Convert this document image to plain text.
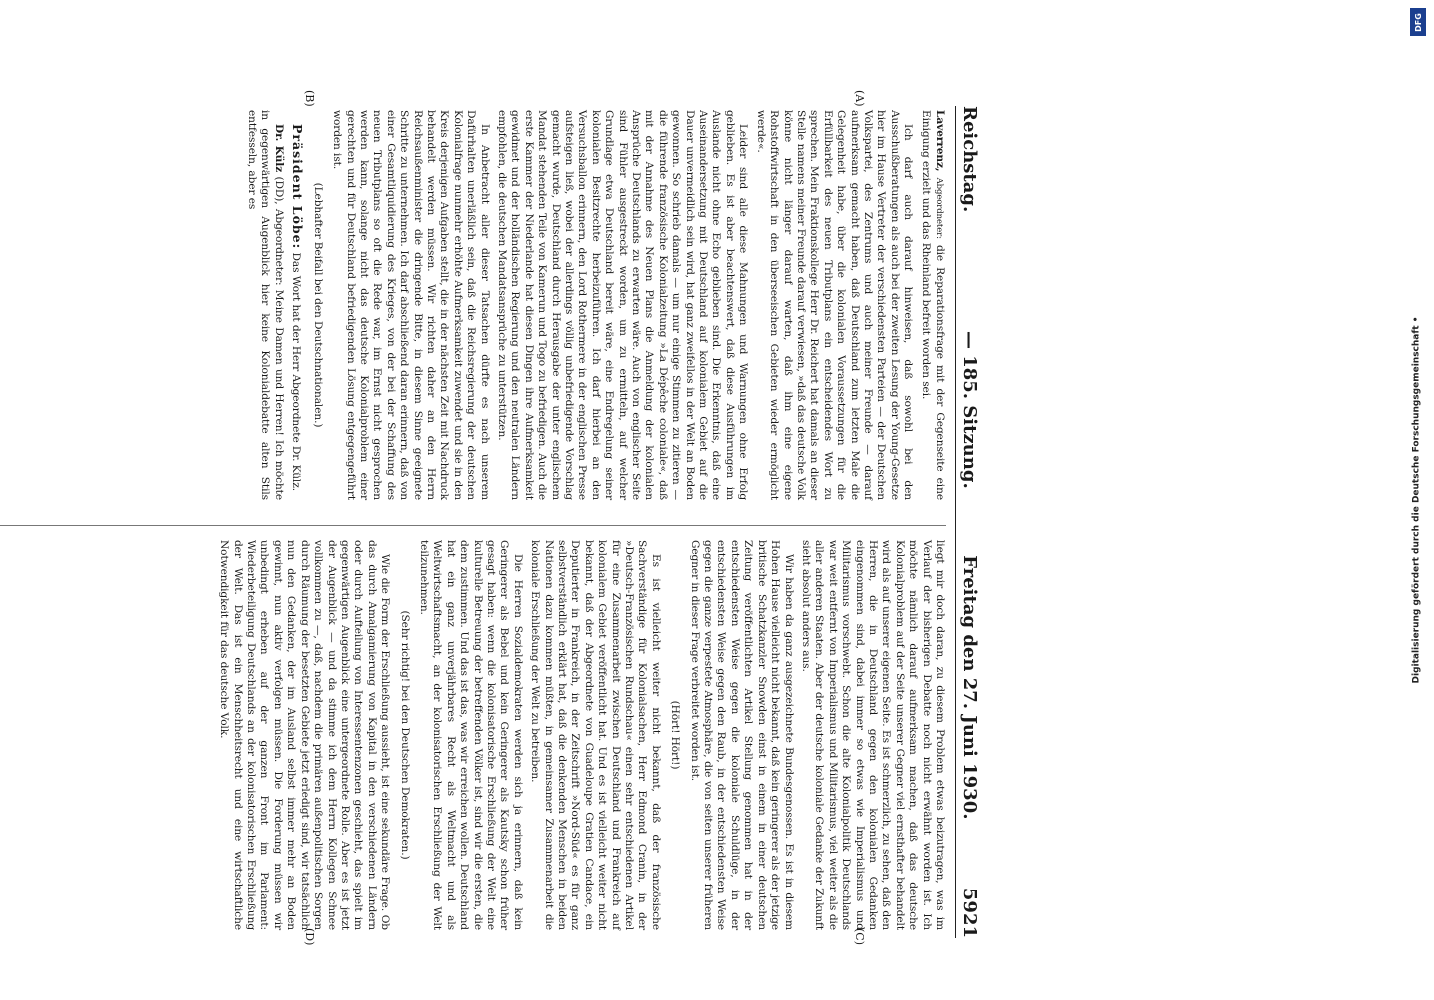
Reichstag.
— 185. Sitzung.
Freitag den 27. Juni 1930.
5921
(A)
(B)
(C)
(D)

Laverrenz, Abgeordneter: die Reparationsfrage mit der Gegenseite eine Einigung erzielt und das Rheinland befreit worden sei.

Ich darf auch darauf hinweisen, daß sowohl bei den Ausschußberatungen als auch bei der zweiten Lesung der Young-Gesetze hier im Hause Vertreter der verschiedensten Parteien — der Deutschen Volkspartei, des Zentrums und auch meiner Freunde — darauf aufmerksam gemacht haben, daß Deutschland zum letzten Male die Gelegenheit habe, über die kolonialen Voraussetzungen für die Erfüllbarkeit des neuen Tributplans ein entscheidendes Wort zu sprechen. Mein Fraktionskollege Herr Dr. Reichert hat damals an dieser Stelle namens meiner Freunde darauf verwiesen, »daß das deutsche Volk könne nicht länger darauf warten, daß ihm eine eigene Rohstoffwirtschaft in den überseeischen Gebieten wieder ermöglicht werde«.

Leider sind alle diese Mahnungen und Warnungen ohne Erfolg geblieben. Es ist aber beachtenswert, daß diese Ausführungen im Auslande nicht ohne Echo geblieben sind. Die Erkenntnis, daß eine Auseinandersetzung mit Deutschland auf kolonialem Gebiet auf die Dauer unvermeidlich sein wird, hat ganz zweifellos in der Welt an Boden gewonnen. So schrieb damals — um nur einige Stimmen zu zitieren — die führende französische Kolonialzeitung »La Dépêche coloniale«, daß mit der Annahme des Neuen Plans die Anmeldung der kolonialen Ansprüche Deutschlands zu erwarten wäre. Auch von englischer Seite sind Fühler ausgestreckt worden, um zu ermitteln, auf welcher Grundlage etwa Deutschland bereit wäre, eine Endregelung seiner kolonialen Besitzrechte herbeizuführen. Ich darf hierbei an den Versuchsballon erinnern, den Lord Rothermere in der englischen Presse aufsteigen ließ, wobei der allerdings völlig unbefriedigende Vorschlag gemacht wurde, Deutschland durch Herausgabe der unter englischem Mandat stehenden Teile von Kamerun und Togo zu befriedigen. Auch die erste Kammer der Niederlande hat diesen Dingen ihre Aufmerksamkeit gewidmet und der holländischen Regierung und den neutralen Ländern empfohlen, die deutschen Mandatsansprüche zu unterstützen.

In Anbetracht aller dieser Tatsachen dürfte es nach unserem Dafürhalten unerläßlich sein, daß die Reichsregierung der deutschen Kolonialfrage nunmehr erhöhte Aufmerksamkeit zuwendet und sie in den Kreis derjenigen Aufgaben stellt, die in der nächsten Zeit mit Nachdruck behandelt werden müssen. Wir richten daher an den Herrn Reichsaußenminister die dringende Bitte, in diesem Sinne geeignete Schritte zu unternehmen. Ich darf abschließend daran erinnern, daß von einer Gesamtliquidierung des Krieges, von der bei der Schaffung des neuen Tributplans so oft die Rede war, im Ernst nicht gesprochen werden kann, solange nicht das deutsche Kolonialproblem einer gerechten und für Deutschland befriedigenden Lösung entgegengeführt worden ist.

(Lebhafter Beifall bei den Deutschnationalen.)

Präsident Löbe: Das Wort hat der Herr Abgeordnete Dr. Külz.

Dr. Külz (DD), Abgeordneter: Meine Damen und Herren! Ich möchte in gegenwärtigen Augenblick hier keine Kolonialdebatte alten Stils entfesseln, aber es

liegt mir doch daran, zu diesem Problem etwas beizutragen, was im Verlauf der bisherigen Debatte noch nicht erwähnt worden ist. Ich möchte nämlich darauf aufmerksam machen, daß das deutsche Kolonialproblem auf der Seite unserer Gegner viel ernsthafter behandelt wird als auf unserer eigenen Seite. Es ist schmerzlich, zu sehen, daß den Herren, die in Deutschland gegen den kolonialen Gedanken eingenommen sind, dabei immer so etwas wie Imperialismus und Militarismus vorschwebt. Schon die alte Kolonialpolitik Deutschlands war weit entfernt von Imperialismus und Militarismus, viel weiter als die aller anderen Staaten. Aber der deutsche koloniale Gedanke der Zukunft sieht absolut anders aus.

Wir haben da ganz ausgezeichnete Bundesgenossen. Es ist in diesem Hohen Hause vielleicht nicht bekannt, daß kein geringerer als der jetzige britische Schatzkanzler Snowden einst in einem in einer deutschen Zeitung veröffentlichten Artikel Stellung genommen hat in der entschiedensten Weise gegen die koloniale Schuldlüge, in der entschiedensten Weise gegen den Raub, in der entschiedensten Weise gegen die ganze verpestete Atmosphäre, die von seiten unserer früheren Gegner in dieser Frage verbreitet worden ist.

(Hört! Hört!)

Es ist vielleicht weiter nicht bekannt, daß der französische Sachverständige für Kolonialsachen, Herr Edmond Cranin, in der »Deutsch-Französischen Rundschau« einen sehr entschiedenen Artikel für eine Zusammenarbeit zwischen Deutschland und Frankreich auf kolonialem Gebiet veröffentlicht hat. Und es ist vielleicht weiter nicht bekannt, daß der Abgeordnete von Guadeloupe Gratien Candace, ein Deputierter in Frankreich, in der Zeitschrift »Nord-Süd« es für ganz selbstverständlich erklärt hat, daß die denkenden Menschen in beiden Nationen dazu kommen müßten, in gemeinsamer Zusammenarbeit die koloniale Erschließung der Welt zu betreiben.

Die Herren Sozialdemokraten werden sich ja erinnern, daß kein Geringerer als Bebel und kein Geringerer als Kautsky schon früher gesagt haben: wenn die kolonisatorische Erschließung der Welt eine kulturelle Betreuung der betreffenden Völker ist, sind wir die ersten, die dem zustimmen. Und das ist das, was wir erreichen wollen. Deutschland hat ein ganz unverjährbares Recht als Weltmacht und als Weltwirtschaftsmacht, an der kolonisatorischen Erschließung der Welt teilzunehmen.

(Sehr richtig! bei den Deutschen Demokraten.)

Wie die Form der Erschließung aussieht, ist eine sekundäre Frage. Ob das durch Amalgamierung von Kapital in den verschiedenen Ländern oder durch Aufteilung von Interessentenzonen geschieht, das spielt im gegenwärtigen Augenblick eine untergeordnete Rolle. Aber es ist jetzt der Augenblick — und da stimme ich dem Herrn Kollegen Schnee vollkommen zu —, daß, nachdem die primären außenpolitischen Sorgen durch Räumung der besetzten Gebiete jetzt erledigt sind, wir tatsächlich nun den Gedanken, der im Ausland selbst immer mehr an Boden gewinnt, nun aktiv verfolgen müssen. Die Forderung müssen wir unbedingt erheben auf der ganzen Front im Parlament: Wiederbeteiligung Deutschlands an der kolonisatorischen Erschließung der Welt. Das ist ein Menschheitsrecht und eine wirtschaftliche Notwendigkeit für das deutsche Volk.

DFG
Digitalisierung gefördert durch die Deutsche Forschungsgemeinschaft •
